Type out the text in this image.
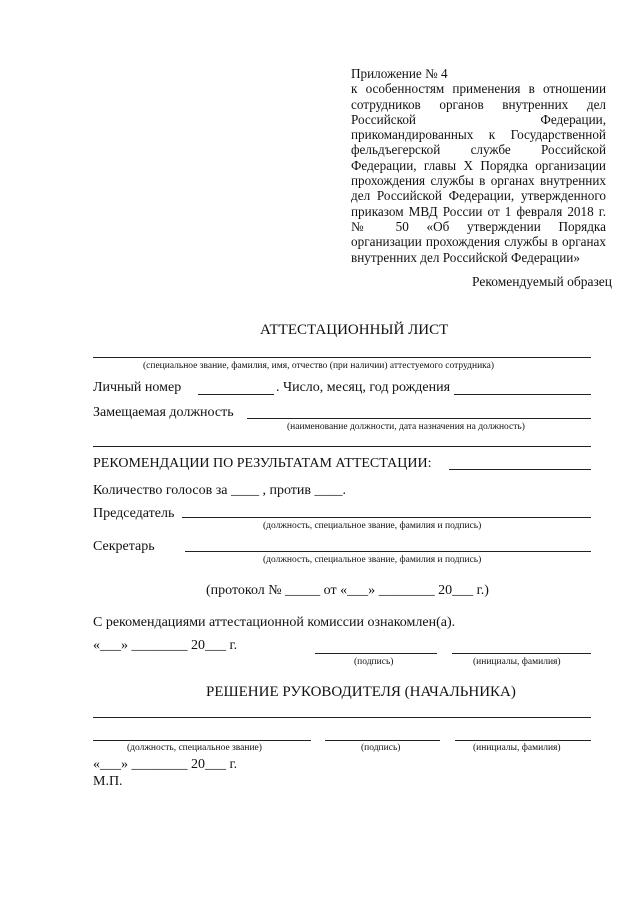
Приложение № 4
к особенностям применения в отношении сотрудников органов внутренних дел Российской Федерации, прикомандированных к Государственной фельдъегерской службе Российской Федерации, главы X Порядка организации прохождения службы в органах внутренних дел Российской Федерации, утвержденного приказом МВД России от 1 февраля 2018 г. № 50 «Об утверждении Порядка организации прохождения службы в органах внутренних дел Российской Федерации»
Рекомендуемый образец
АТТЕСТАЦИОННЫЙ ЛИСТ
(специальное звание, фамилия, имя, отчество (при наличии) аттестуемого сотрудника)
Личный номер	. Число, месяц, год рождения
Замещаемая должность
(наименование должности, дата назначения на должность)
РЕКОМЕНДАЦИИ ПО РЕЗУЛЬТАТАМ АТТЕСТАЦИИ:
Количество голосов за ____ , против ____.
Председатель
(должность, специальное звание, фамилия и подпись)
Секретарь
(должность, специальное звание, фамилия и подпись)
(протокол № _____ от «___» ________ 20___ г.)
С рекомендациями аттестационной комиссии ознакомлен(а).
«___» ________ 20___ г.
(подпись)	(инициалы, фамилия)
РЕШЕНИЕ РУКОВОДИТЕЛЯ (НАЧАЛЬНИКА)
(должность, специальное звание)	(подпись)	(инициалы, фамилия)
«___» ________ 20___ г.
М.П.
